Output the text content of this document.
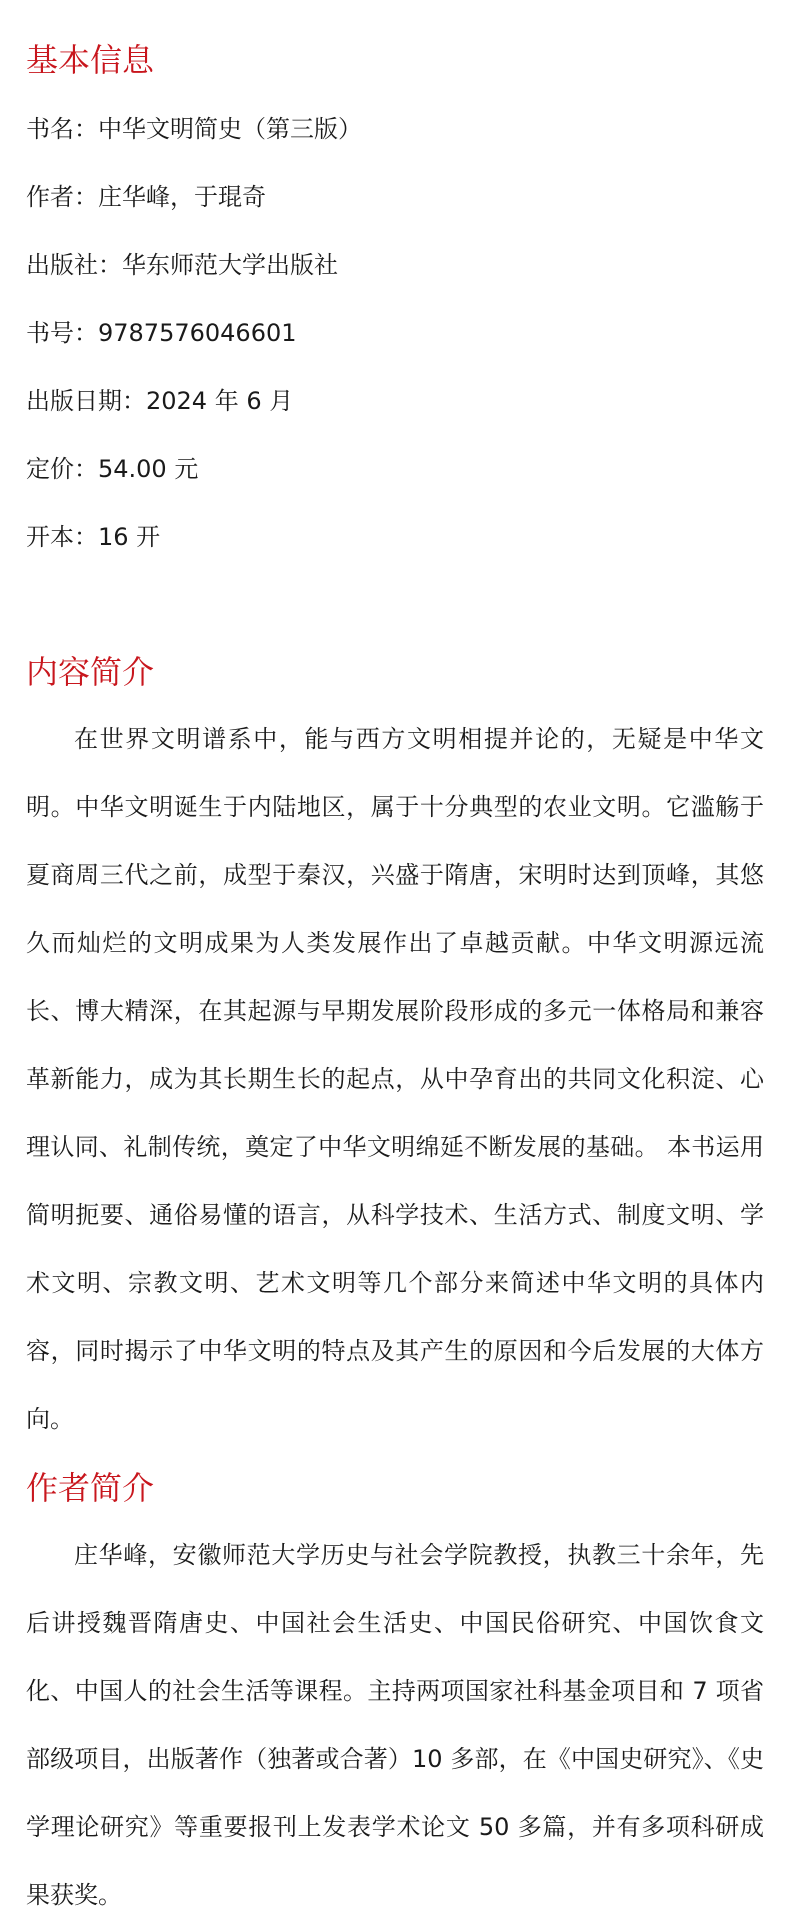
基本信息

书名：中华文明简史（第三版）

作者：庄华峰，于琨奇

出版社：华东师范大学出版社

书号：9787576046601

出版日期：2024 年 6 月

定价：54.00 元

开本：16 开

内容简介

在世界文明谱系中，能与西方文明相提并论的，无疑是中华文明。中华文明诞生于内陆地区，属于十分典型的农业文明。它滥觞于夏商周三代之前，成型于秦汉，兴盛于隋唐，宋明时达到顶峰，其悠久而灿烂的文明成果为人类发展作出了卓越贡献。中华文明源远流长、博大精深，在其起源与早期发展阶段形成的多元一体格局和兼容革新能力，成为其长期生长的起点，从中孕育出的共同文化积淀、心理认同、礼制传统，奠定了中华文明绵延不断发展的基础。 本书运用简明扼要、通俗易懂的语言，从科学技术、生活方式、制度文明、学术文明、宗教文明、艺术文明等几个部分来简述中华文明的具体内容，同时揭示了中华文明的特点及其产生的原因和今后发展的大体方向。

作者简介

庄华峰，安徽师范大学历史与社会学院教授，执教三十余年，先后讲授魏晋隋唐史、中国社会生活史、中国民俗研究、中国饮食文化、中国人的社会生活等课程。主持两项国家社科基金项目和 7 项省部级项目，出版著作（独著或合著）10 多部，在《中国史研究》、《史学理论研究》等重要报刊上发表学术论文 50 多篇，并有多项科研成果获奖。
